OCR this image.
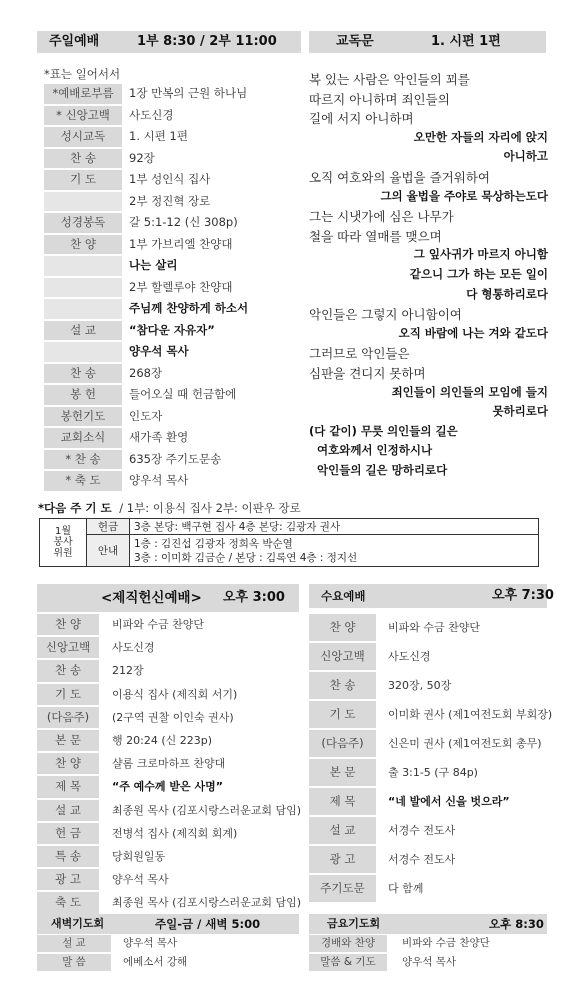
주일예배	1부 8:30 / 2부 11:00	교독문	1. 시편 1편
*표는 일어서서
*예배로부름	1장 만복의 근원 하나님
* 신앙고백	사도신경
성시교독	1. 시편 1편
찬 송	92장
기 도	1부 성인식 집사
2부 정진혁 장로
성경봉독	갈 5:1-12 (신 308p)
찬 양	1부 가브리엘 찬양대
나는 살리
2부 할렐루야 찬양대
주님께 찬양하게 하소서
설 교	“참다운 자유자”
양우석 목사
찬 송	268장
봉 헌	들어오실 때 헌금함에
봉헌기도	인도자
교회소식	새가족 환영
* 찬 송	635장 주기도문송
* 축 도	양우석 목사
복 있는 사람은 악인들의 꾀를
따르지 아니하며 죄인들의
길에 서지 아니하며
오만한 자들의 자리에 앉지
아니하고
오직 여호와의 율법을 즐거워하여
그의 율법을 주야로 묵상하는도다
그는 시냇가에 심은 나무가
철을 따라 열매를 맺으며
그 잎사귀가 마르지 아니함
같으니 그가 하는 모든 일이
다 형통하리로다
악인들은 그렇지 아니함이여
오직 바람에 나는 겨와 같도다
그러므로 악인들은
심판을 견디지 못하며
죄인들이 의인들의 모임에 들지
못하리로다
(다 같이) 무릇 의인들의 길은
여호와께서 인정하시나
악인들의 길은 망하리로다
*다음 주 기 도 / 1부: 이용식 집사 2부: 이판우 장로
1월
봉사
위원	헌금	3층 본당: 백구현 집사 4층 본당: 김광자 권사
	안내	1층 : 김진섭 김광자 정희옥 박순열
3층 : 이미화 김금순 / 본당 : 김록연 4층 : 정지선
<제직헌신예배> 오후 3:00
찬 양	비파와 수금 찬양단
신앙고백	사도신경
찬 송	212장
기 도	이용식 집사 (제직회 서기)
(다음주)	(2구역 권찰 이인숙 권사)
본 문	행 20:24 (신 223p)
찬 양	샬롬 크로마하프 찬양대
제 목	“주 예수께 받은 사명”
설 교	최종원 목사 (김포시랑스러운교회 담임)
헌 금	전병석 집사 (제직회 회계)
특 송	당회원일동
광 고	양우석 목사
축 도	최종원 목사 (김포시랑스러운교회 담임)
수요예배	오후 7:30
찬 양	비파와 수금 찬양단
신앙고백	사도신경
찬 송	320장, 50장
기 도	이미화 권사 (제1여전도회 부회장)
(다음주)	신은미 권사 (제1여전도회 총무)
본 문	출 3:1-5 (구 84p)
제 목	“네 발에서 신을 벗으라”
설 교	서경수 전도사
광 고	서경수 전도사
주기도문	다 함께
새벽기도회	주일-금 / 새벽 5:00
설 교	양우석 목사
말 씀	에베소서 강해
금요기도회	오후 8:30
경배와 찬양	비파와 수금 찬양단
말씀 & 기도	양우석 목사
